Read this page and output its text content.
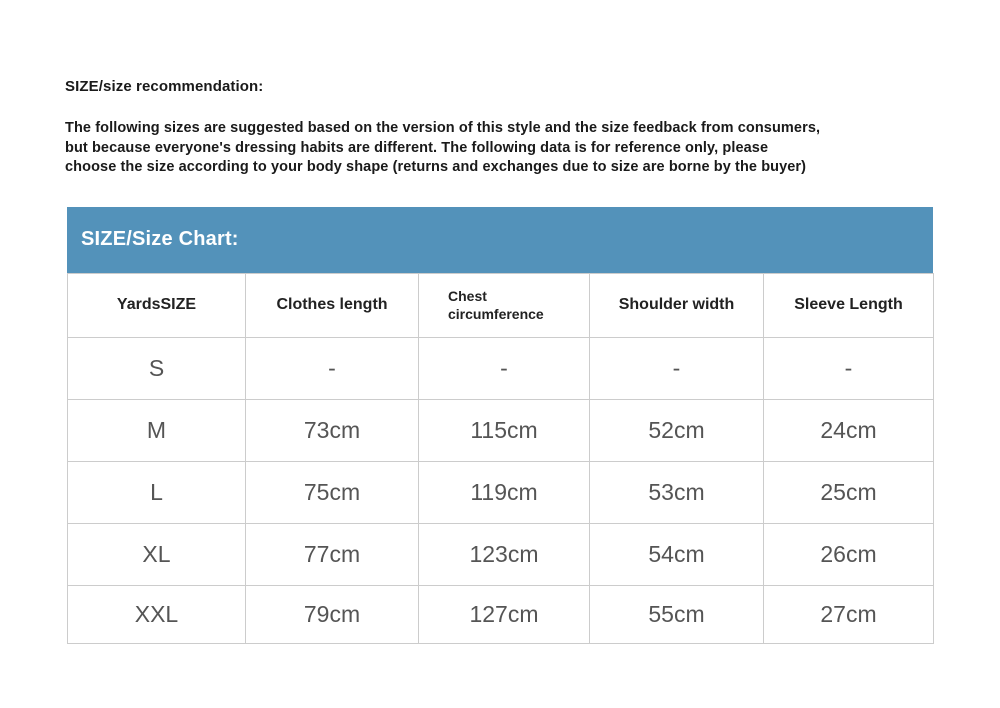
SIZE/size recommendation:
The following sizes are suggested based on the version of this style and the size feedback from consumers,
but because everyone's dressing habits are different. The following data is for reference only, please
choose the size according to your body shape (returns and exchanges due to size are borne by the buyer)
SIZE/Size Chart:
YardsSIZE	Clothes length	Chest circumference	Shoulder width	Sleeve Length
S	-	-	-	-
M	73cm	115cm	52cm	24cm
L	75cm	119cm	53cm	25cm
XL	77cm	123cm	54cm	26cm
XXL	79cm	127cm	55cm	27cm
